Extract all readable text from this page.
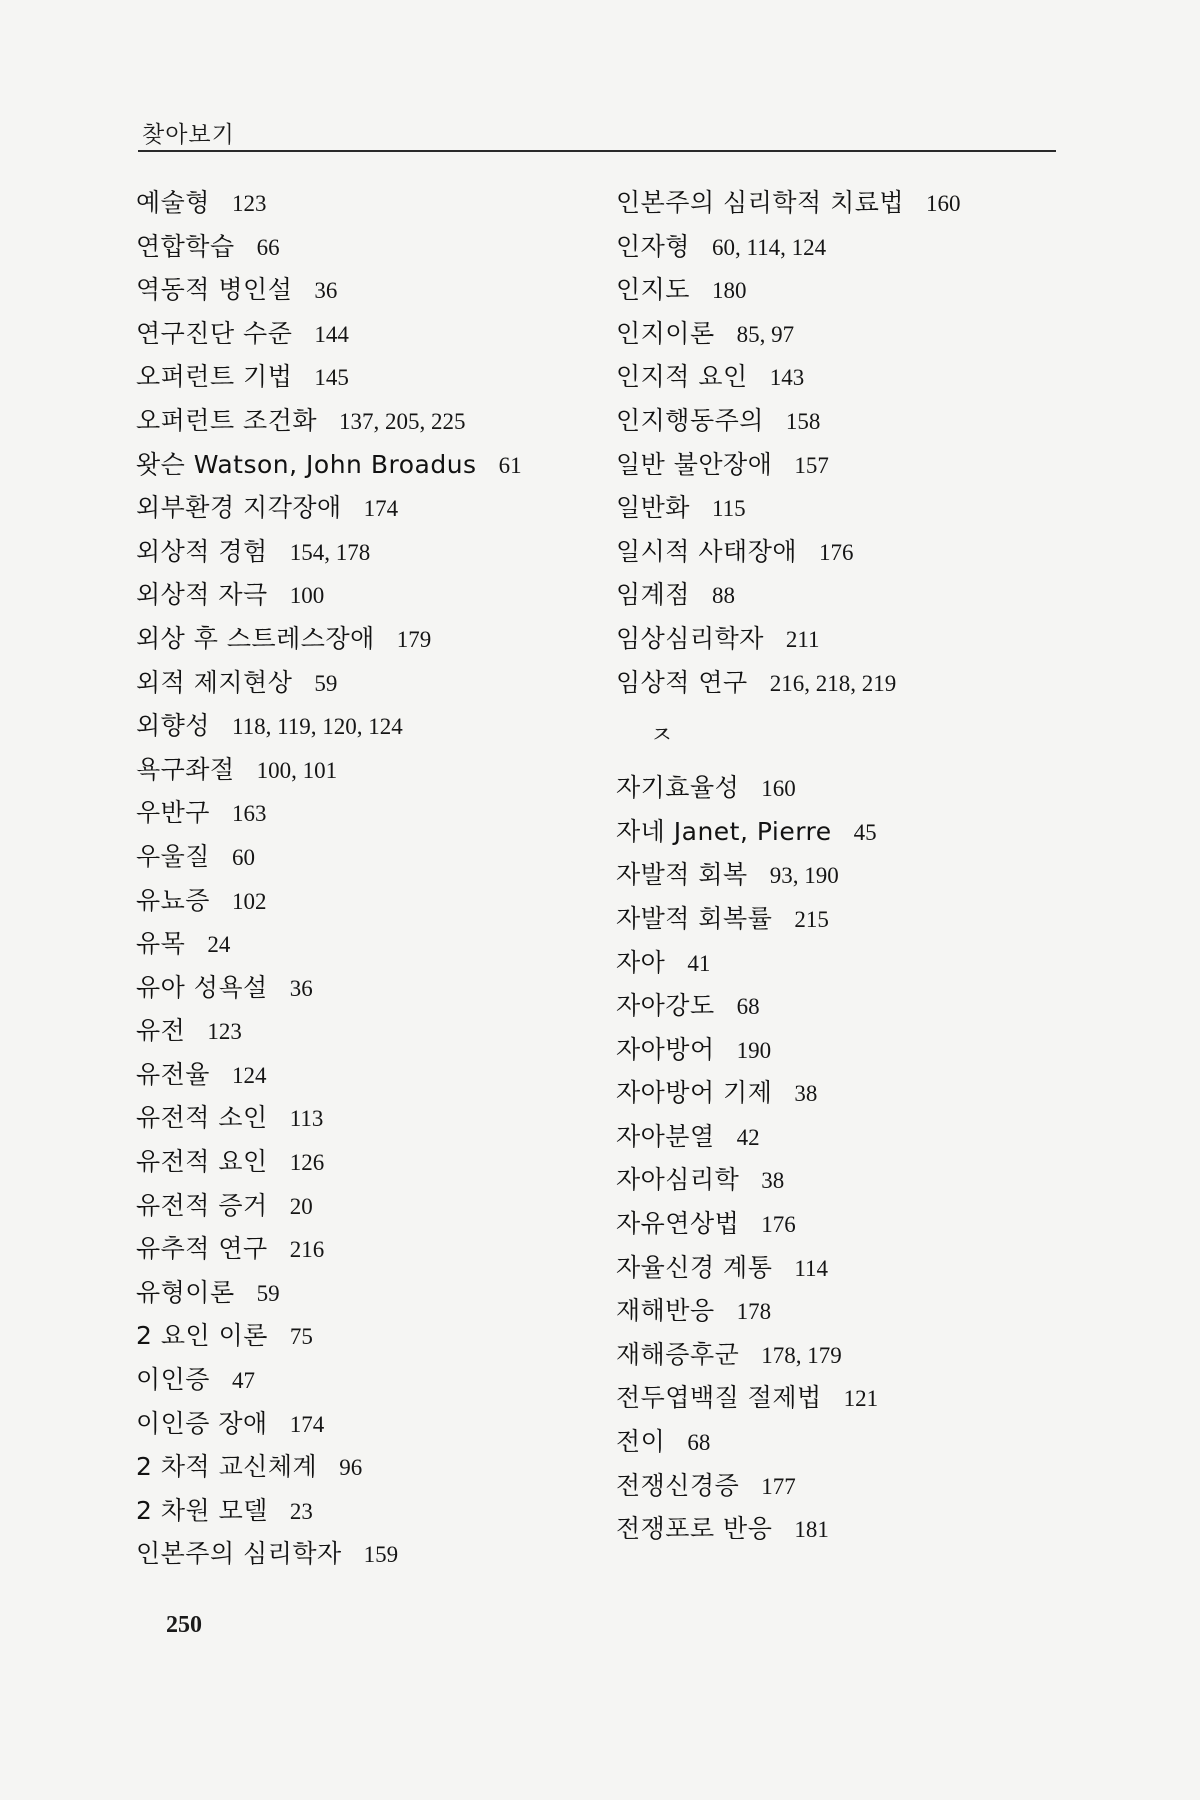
찾아보기
예술형 123
연합학습 66
역동적 병인설 36
연구진단 수준 144
오퍼런트 기법 145
오퍼런트 조건화 137, 205, 225
왓슨 Watson, John Broadus 61
외부환경 지각장애 174
외상적 경험 154, 178
외상적 자극 100
외상 후 스트레스장애 179
외적 제지현상 59
외향성 118, 119, 120, 124
욕구좌절 100, 101
우반구 163
우울질 60
유뇨증 102
유목 24
유아 성욕설 36
유전 123
유전율 124
유전적 소인 113
유전적 요인 126
유전적 증거 20
유추적 연구 216
유형이론 59
2 요인 이론 75
이인증 47
이인증 장애 174
2 차적 교신체계 96
2 차원 모델 23
인본주의 심리학자 159
인본주의 심리학적 치료법 160
인자형 60, 114, 124
인지도 180
인지이론 85, 97
인지적 요인 143
인지행동주의 158
일반 불안장애 157
일반화 115
일시적 사태장애 176
임계점 88
임상심리학자 211
임상적 연구 216, 218, 219
ㅈ
자기효율성 160
자네 Janet, Pierre 45
자발적 회복 93, 190
자발적 회복률 215
자아 41
자아강도 68
자아방어 190
자아방어 기제 38
자아분열 42
자아심리학 38
자유연상법 176
자율신경 계통 114
재해반응 178
재해증후군 178, 179
전두엽백질 절제법 121
전이 68
전쟁신경증 177
전쟁포로 반응 181
250
